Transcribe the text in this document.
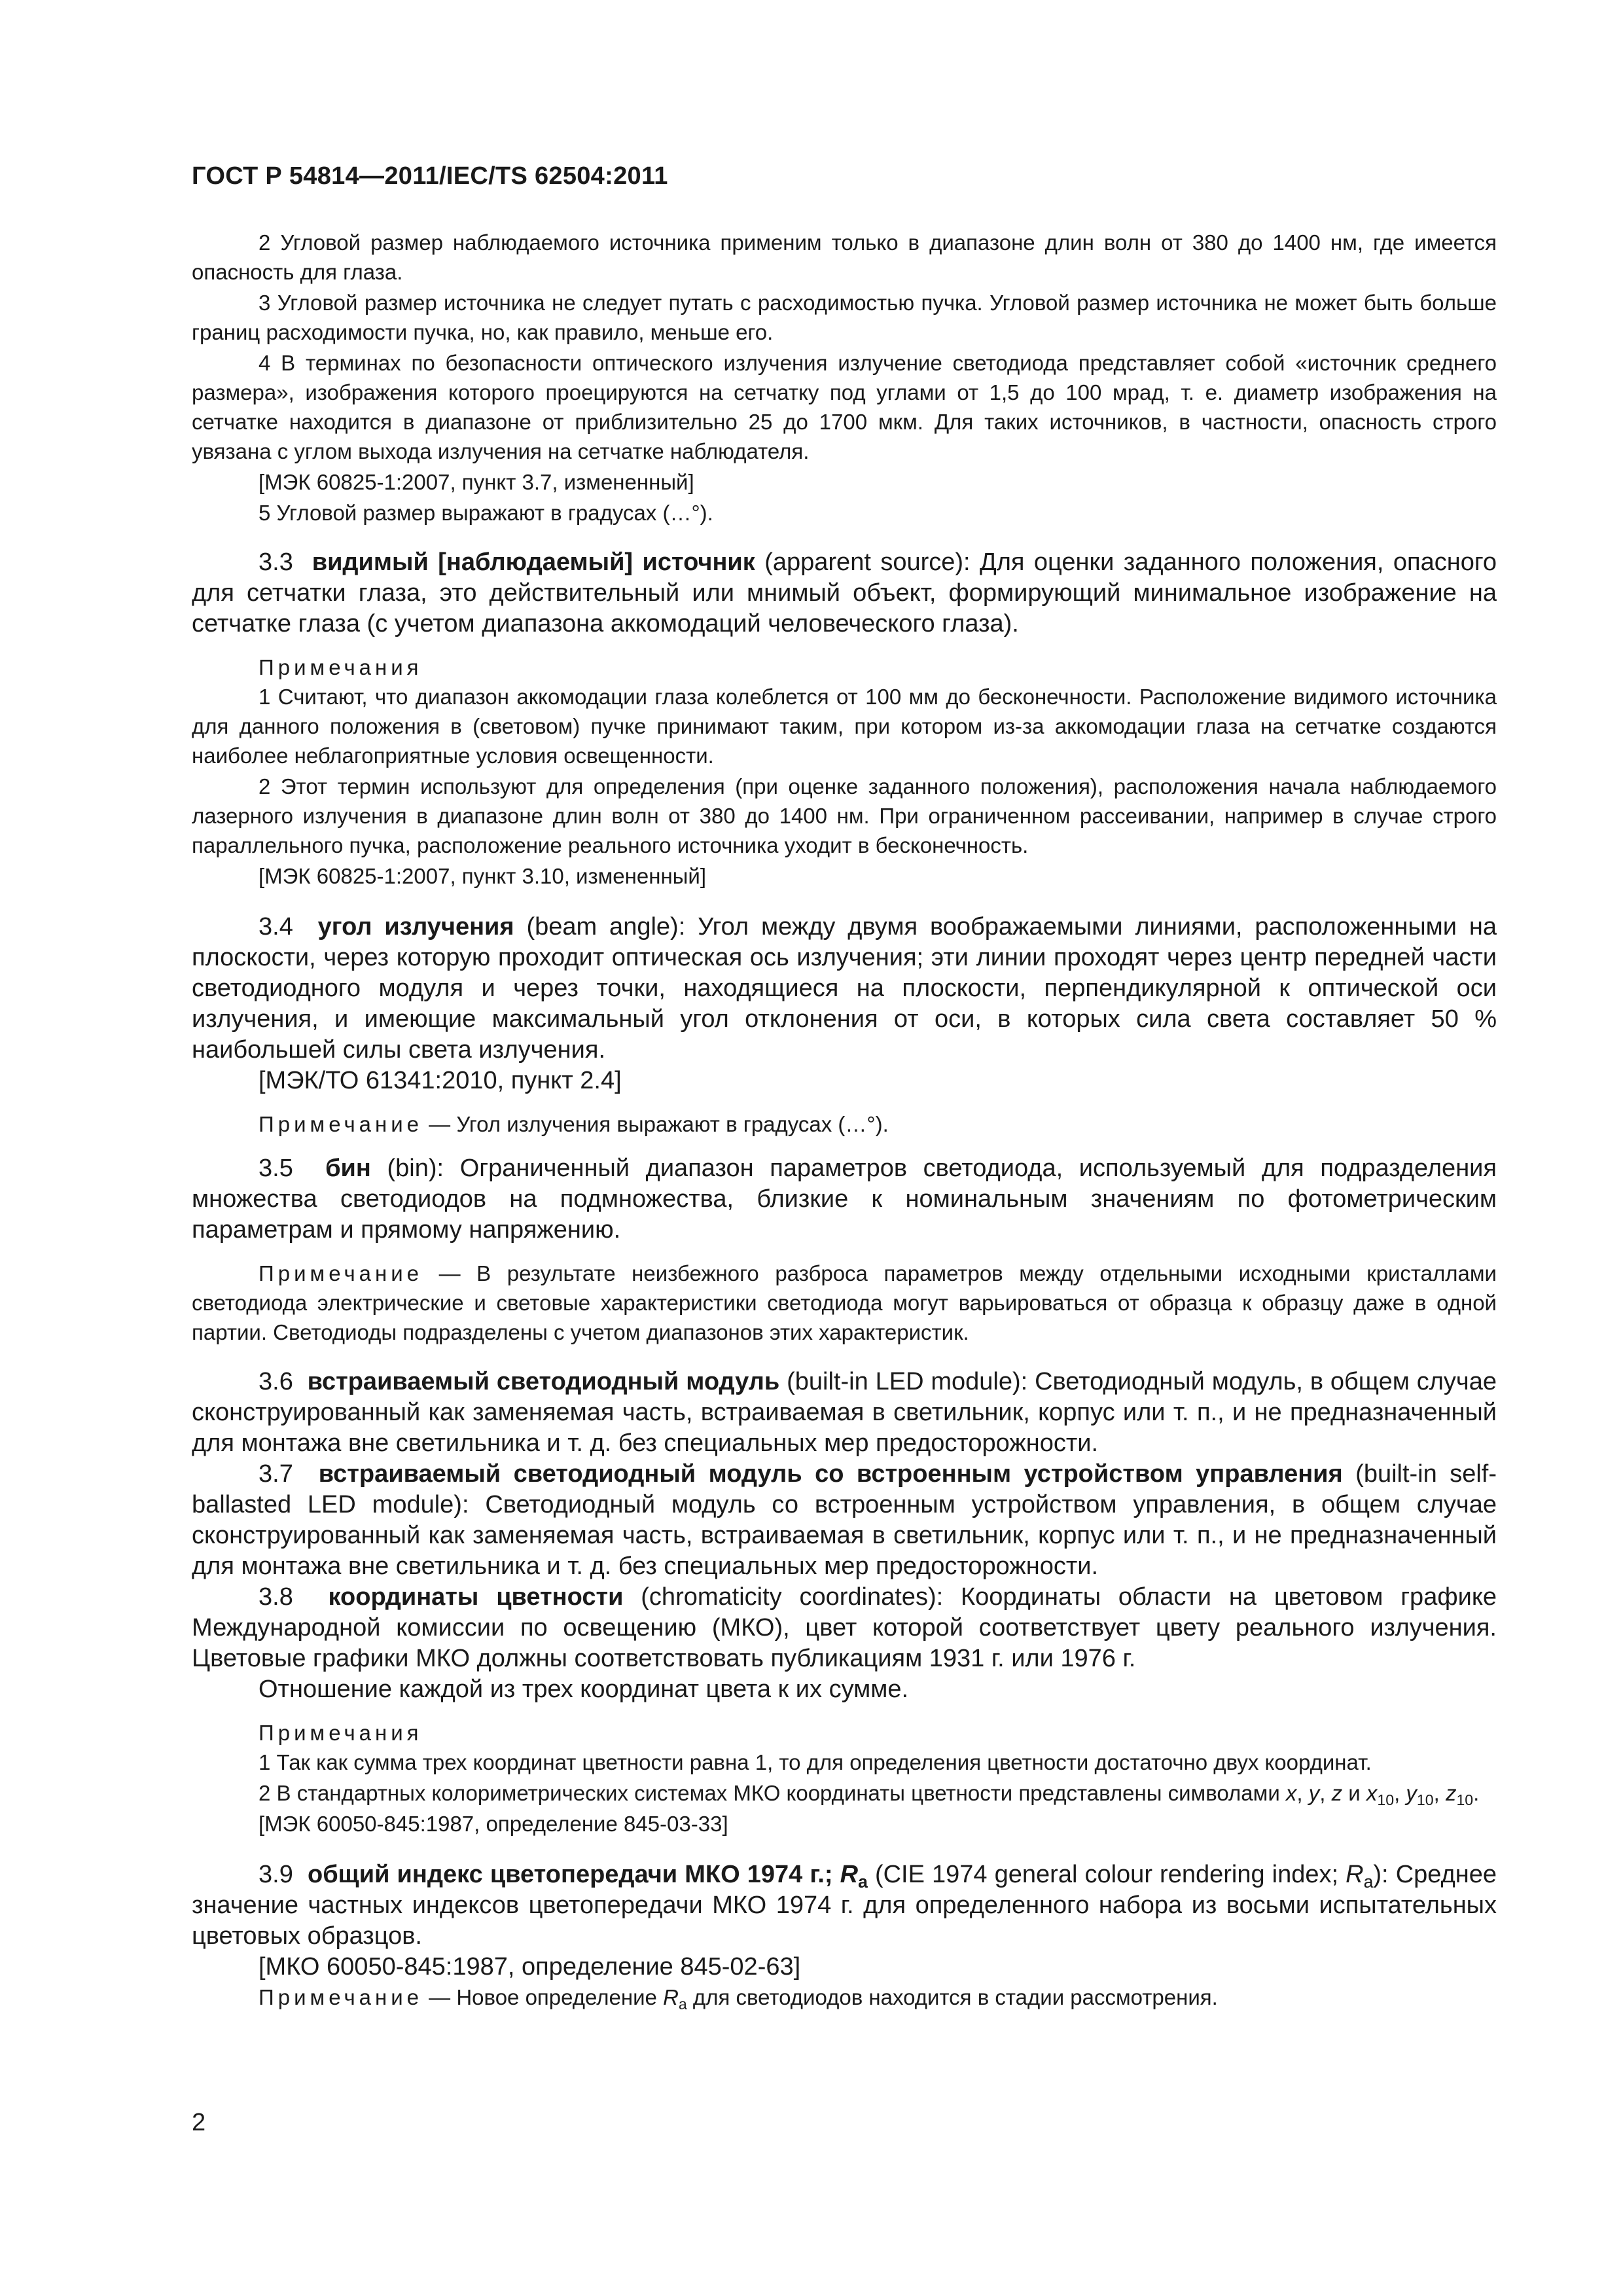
ГОСТ Р 54814—2011/IEC/TS 62504:2011

2 Угловой размер наблюдаемого источника применим только в диапазоне длин волн от 380 до 1400 нм, где имеется опасность для глаза.

3 Угловой размер источника не следует путать с расходимостью пучка. Угловой размер источника не может быть больше границ расходимости пучка, но, как правило, меньше его.

4 В терминах по безопасности оптического излучения излучение светодиода представляет собой «источник среднего размера», изображения которого проецируются на сетчатку под углами от 1,5 до 100 мрад, т. е. диаметр изображения на сетчатке находится в диапазоне от приблизительно 25 до 1700 мкм. Для таких источников, в частности, опасность строго увязана с углом выхода излучения на сетчатке наблюдателя.

[МЭК 60825-1:2007, пункт 3.7, измененный]

5 Угловой размер выражают в градусах (…°).

3.3 видимый [наблюдаемый] источник (apparent source): Для оценки заданного положения, опасного для сетчатки глаза, это действительный или мнимый объект, формирующий минимальное изображение на сетчатке глаза (с учетом диапазона аккомодаций человеческого глаза).

Примечания

1 Считают, что диапазон аккомодации глаза колеблется от 100 мм до бесконечности. Расположение видимого источника для данного положения в (световом) пучке принимают таким, при котором из-за аккомодации глаза на сетчатке создаются наиболее неблагоприятные условия освещенности.

2 Этот термин используют для определения (при оценке заданного положения), расположения начала наблюдаемого лазерного излучения в диапазоне длин волн от 380 до 1400 нм. При ограниченном рассеивании, например в случае строго параллельного пучка, расположение реального источника уходит в бесконечность.

[МЭК 60825-1:2007, пункт 3.10, измененный]

3.4 угол излучения (beam angle): Угол между двумя воображаемыми линиями, расположенными на плоскости, через которую проходит оптическая ось излучения; эти линии проходят через центр передней части светодиодного модуля и через точки, находящиеся на плоскости, перпендикулярной к оптической оси излучения, и имеющие максимальный угол отклонения от оси, в которых сила света составляет 50 % наибольшей силы света излучения.

[МЭК/ТО 61341:2010, пункт 2.4]

Примечание — Угол излучения выражают в градусах (…°).

3.5 бин (bin): Ограниченный диапазон параметров светодиода, используемый для подразделения множества светодиодов на подмножества, близкие к номинальным значениям по фотометрическим параметрам и прямому напряжению.

Примечание — В результате неизбежного разброса параметров между отдельными исходными кристаллами светодиода электрические и световые характеристики светодиода могут варьироваться от образца к образцу даже в одной партии. Светодиоды подразделены с учетом диапазонов этих характеристик.

3.6 встраиваемый светодиодный модуль (built-in LED module): Светодиодный модуль, в общем случае сконструированный как заменяемая часть, встраиваемая в светильник, корпус или т. п., и не предназначенный для монтажа вне светильника и т. д. без специальных мер предосторожности.

3.7 встраиваемый светодиодный модуль со встроенным устройством управления (built-in self-ballasted LED module): Светодиодный модуль со встроенным устройством управления, в общем случае сконструированный как заменяемая часть, встраиваемая в светильник, корпус или т. п., и не предназначенный для монтажа вне светильника и т. д. без специальных мер предосторожности.

3.8 координаты цветности (chromaticity coordinates): Координаты области на цветовом графике Международной комиссии по освещению (МКО), цвет которой соответствует цвету реального излучения. Цветовые графики МКО должны соответствовать публикациям 1931 г. или 1976 г.

Отношение каждой из трех координат цвета к их сумме.

Примечания

1 Так как сумма трех координат цветности равна 1, то для определения цветности достаточно двух координат.

2 В стандартных колориметрических системах МКО координаты цветности представлены символами x, y, z и $x_{10}$, $y_{10}$, $z_{10}$.

[МЭК 60050-845:1987, определение 845-03-33]

3.9 общий индекс цветопередачи МКО 1974 г.; $R_a$ (CIE 1974 general colour rendering index; $R_a$): Среднее значение частных индексов цветопередачи МКО 1974 г. для определенного набора из восьми испытательных цветовых образцов.

[МКО 60050-845:1987, определение 845-02-63]

Примечание — Новое определение $R_a$ для светодиодов находится в стадии рассмотрения.

2
